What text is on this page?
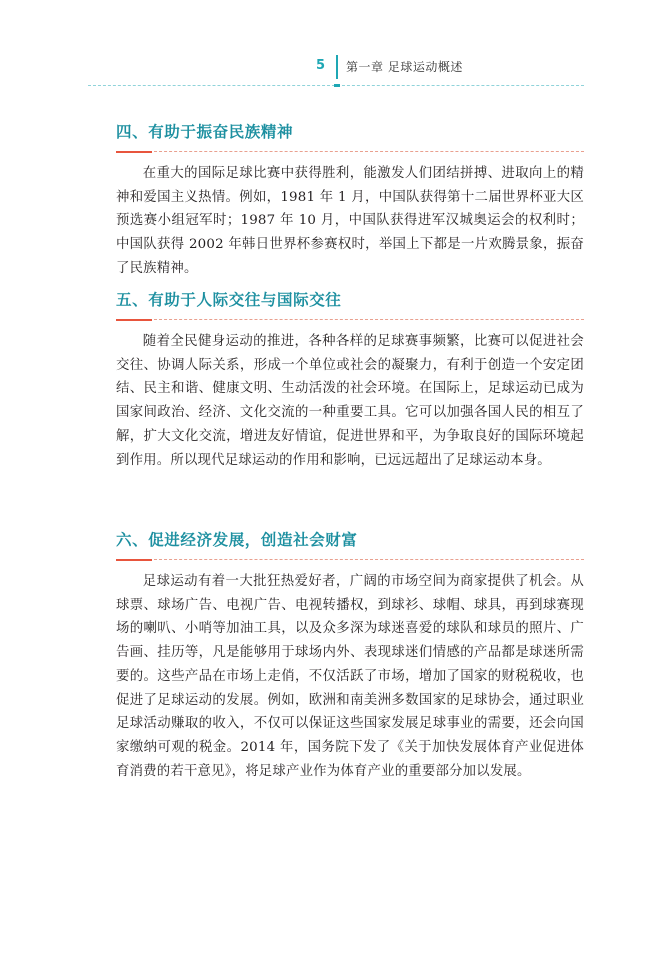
5 第一章 足球运动概述
四、有助于振奋民族精神

在重大的国际足球比赛中获得胜利，能激发人们团结拼搏、进取向上的精神和爱国主义热情。例如，1981 年 1 月，中国队获得第十二届世界杯亚大区预选赛小组冠军时；1987 年 10 月，中国队获得进军汉城奥运会的权利时；中国队获得 2002 年韩日世界杯参赛权时，举国上下都是一片欢腾景象，振奋了民族精神。

五、有助于人际交往与国际交往

随着全民健身运动的推进，各种各样的足球赛事频繁，比赛可以促进社会交往、协调人际关系，形成一个单位或社会的凝聚力，有利于创造一个安定团结、民主和谐、健康文明、生动活泼的社会环境。在国际上，足球运动已成为国家间政治、经济、文化交流的一种重要工具。它可以加强各国人民的相互了解，扩大文化交流，增进友好情谊，促进世界和平，为争取良好的国际环境起到作用。所以现代足球运动的作用和影响，已远远超出了足球运动本身。

六、促进经济发展，创造社会财富

足球运动有着一大批狂热爱好者，广阔的市场空间为商家提供了机会。从球票、球场广告、电视广告、电视转播权，到球衫、球帽、球具，再到球赛现场的喇叭、小哨等加油工具，以及众多深为球迷喜爱的球队和球员的照片、广告画、挂历等，凡是能够用于球场内外、表现球迷们情感的产品都是球迷所需要的。这些产品在市场上走俏，不仅活跃了市场，增加了国家的财税税收，也促进了足球运动的发展。例如，欧洲和南美洲多数国家的足球协会，通过职业足球活动赚取的收入，不仅可以保证这些国家发展足球事业的需要，还会向国家缴纳可观的税金。2014 年，国务院下发了《关于加快发展体育产业促进体育消费的若干意见》，将足球产业作为体育产业的重要部分加以发展。
